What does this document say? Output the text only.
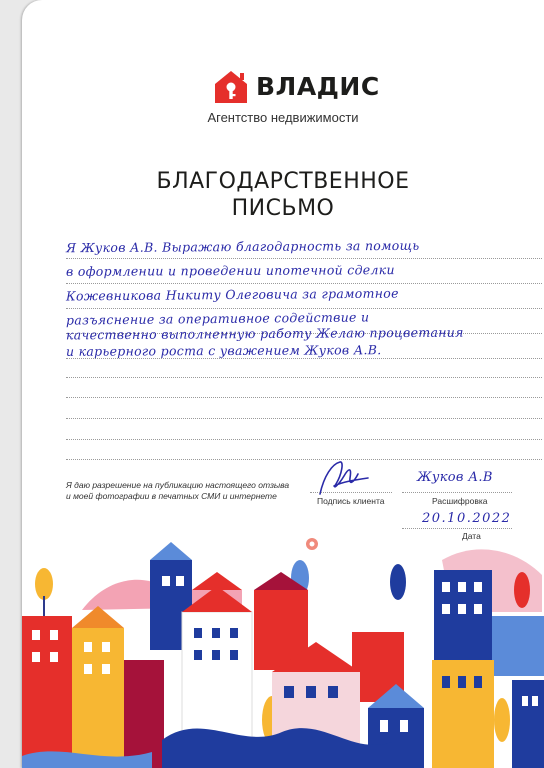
ВЛАДИС
Агентство недвижимости
БЛАГОДАРСТВЕННОЕ
ПИСЬМО
Я Жуков А.В. Выражаю благодарность за помощь
в оформлении и проведении ипотечной сделки
Кожевникова Никиту Олеговича за грамотное
разъяснение за оперативное содействие и
качественно выполненную работу Желаю процветания
и карьерного роста с уважением Жуков А.В.
Я даю разрешение на публикацию настоящего отзыва
и моей фотографии в печатных СМИ и интернете	Подпись клиента
Жуков А.В
Расшифровка
20.10.2022
Дата
